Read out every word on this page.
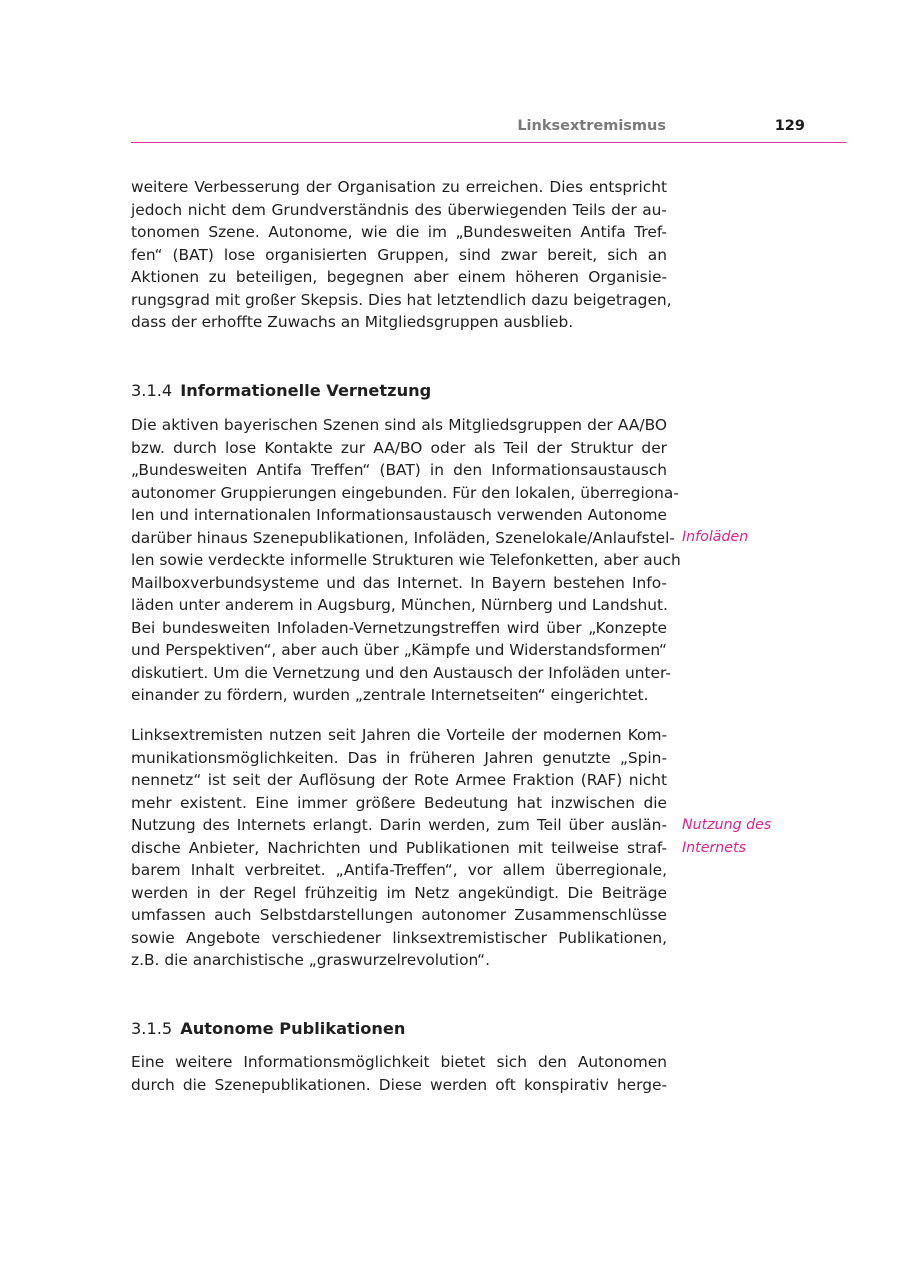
Linksextremismus	129
weitere Verbesserung der Organisation zu erreichen. Dies entspricht
jedoch nicht dem Grundverständnis des überwiegenden Teils der au-
tonomen Szene. Autonome, wie die im „Bundesweiten Antifa Tref-
fen“ (BAT) lose organisierten Gruppen, sind zwar bereit, sich an
Aktionen zu beteiligen, begegnen aber einem höheren Organisie-
rungsgrad mit großer Skepsis. Dies hat letztendlich dazu beigetragen,
dass der erhoffte Zuwachs an Mitgliedsgruppen ausblieb.
3.1.4 Informationelle Vernetzung
Die aktiven bayerischen Szenen sind als Mitgliedsgruppen der AA/BO
bzw. durch lose Kontakte zur AA/BO oder als Teil der Struktur der
„Bundesweiten Antifa Treffen“ (BAT) in den Informationsaustausch
autonomer Gruppierungen eingebunden. Für den lokalen, überregiona-
len und internationalen Informationsaustausch verwenden Autonome
darüber hinaus Szenepublikationen, Infoläden, Szenelokale/Anlaufstel-
len sowie verdeckte informelle Strukturen wie Telefonketten, aber auch
Mailboxverbundsysteme und das Internet. In Bayern bestehen Info-
läden unter anderem in Augsburg, München, Nürnberg und Landshut.
Bei bundesweiten Infoladen-Vernetzungstreffen wird über „Konzepte
und Perspektiven“, aber auch über „Kämpfe und Widerstandsformen“
diskutiert. Um die Vernetzung und den Austausch der Infoläden unter-
einander zu fördern, wurden „zentrale Internetseiten“ eingerichtet.
Infoläden
Linksextremisten nutzen seit Jahren die Vorteile der modernen Kom-
munikationsmöglichkeiten. Das in früheren Jahren genutzte „Spin-
nennetz“ ist seit der Auflösung der Rote Armee Fraktion (RAF) nicht
mehr existent. Eine immer größere Bedeutung hat inzwischen die
Nutzung des Internets erlangt. Darin werden, zum Teil über auslän-
dische Anbieter, Nachrichten und Publikationen mit teilweise straf-
barem Inhalt verbreitet. „Antifa-Treffen“, vor allem überregionale,
werden in der Regel frühzeitig im Netz angekündigt. Die Beiträge
umfassen auch Selbstdarstellungen autonomer Zusammenschlüsse
sowie Angebote verschiedener linksextremistischer Publikationen,
z.B. die anarchistische „graswurzelrevolution“.
Nutzung des
Internets
3.1.5 Autonome Publikationen
Eine weitere Informationsmöglichkeit bietet sich den Autonomen
durch die Szenepublikationen. Diese werden oft konspirativ herge-
